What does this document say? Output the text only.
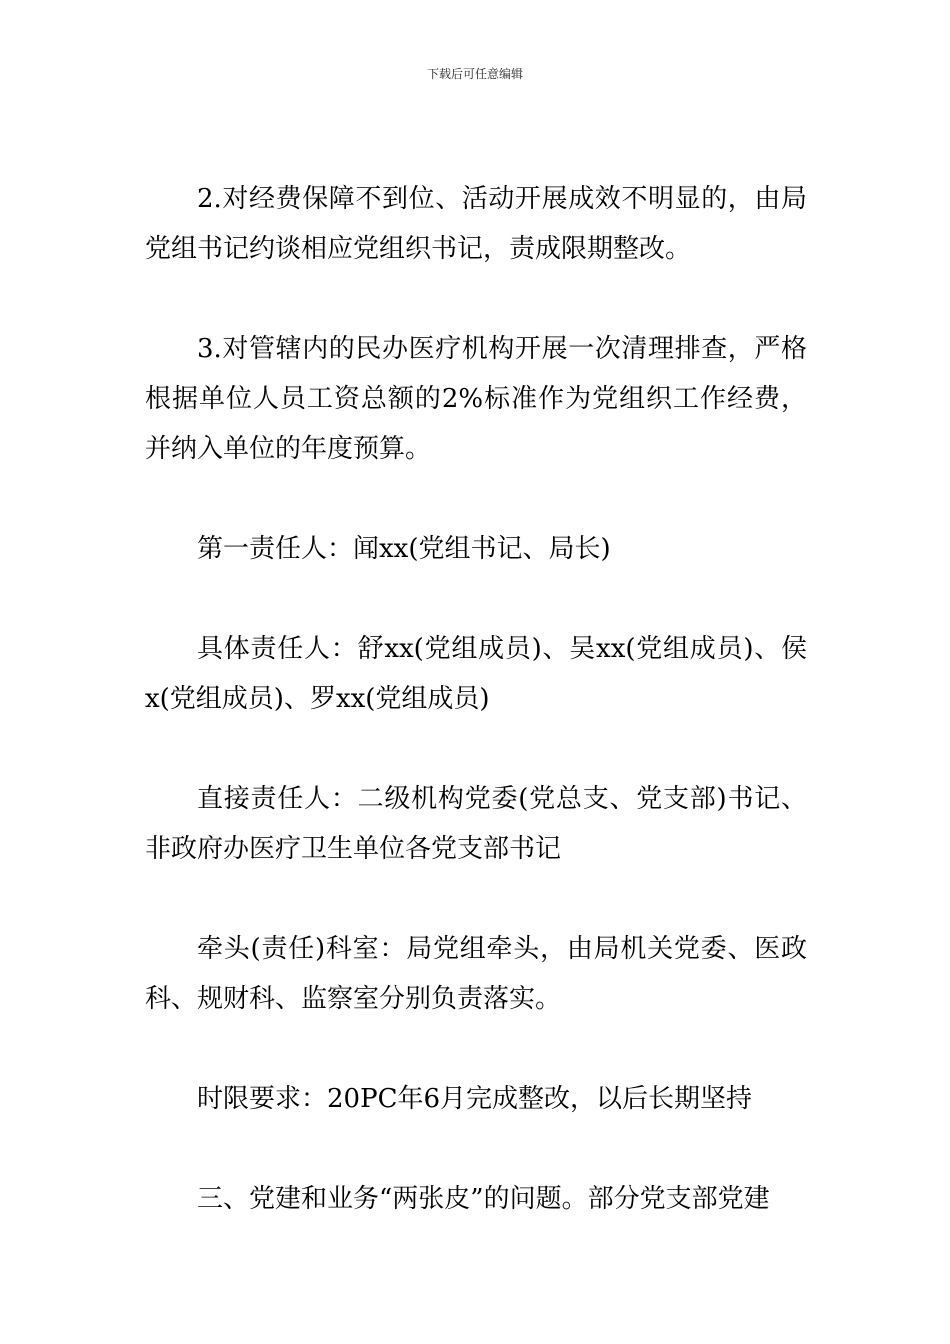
下载后可任意编辑

2.对经费保障不到位、活动开展成效不明显的，由局党组书记约谈相应党组织书记，责成限期整改。

3.对管辖内的民办医疗机构开展一次清理排查，严格根据单位人员工资总额的2%标准作为党组织工作经费，并纳入单位的年度预算。

第一责任人：闻xx(党组书记、局长)

具体责任人：舒xx(党组成员)、吴xx(党组成员)、侯x(党组成员)、罗xx(党组成员)

直接责任人：二级机构党委(党总支、党支部)书记、非政府办医疗卫生单位各党支部书记

牵头(责任)科室：局党组牵头，由局机关党委、医政科、规财科、监察室分别负责落实。

时限要求：20PC年6月完成整改，以后长期坚持

三、党建和业务“两张皮”的问题。部分党支部党建
